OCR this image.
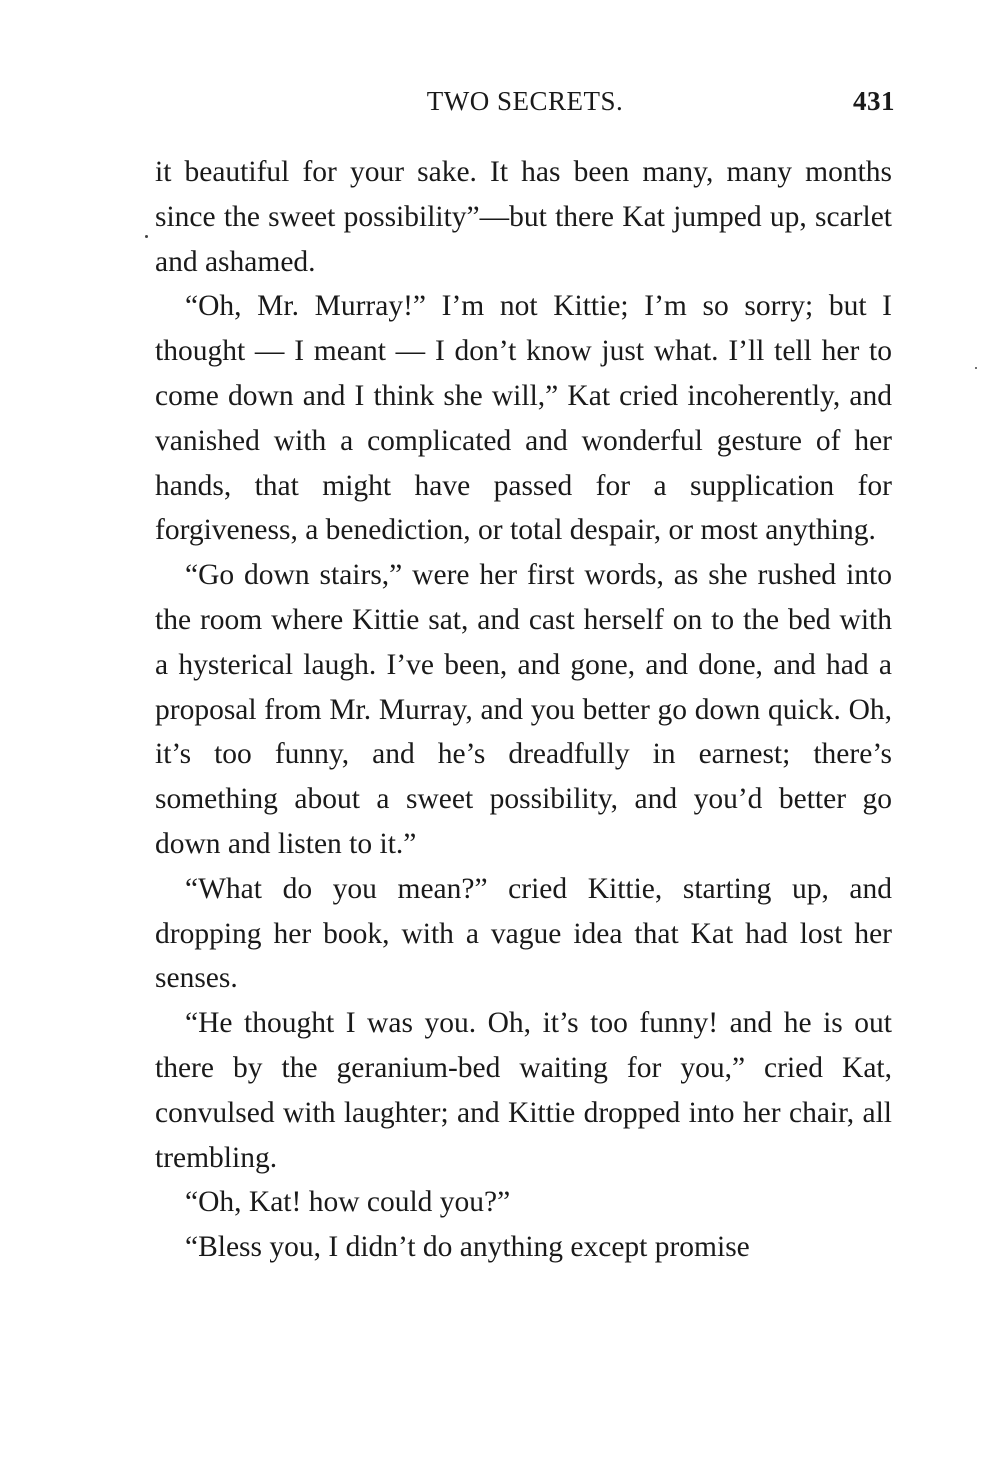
TWO SECRETS.	431

it beautiful for your sake. It has been many, many months since the sweet possibility”—but there Kat jumped up, scarlet and ashamed.

“Oh, Mr. Murray!” I’m not Kittie; I’m so sorry; but I thought — I meant — I don’t know just what. I’ll tell her to come down and I think she will,” Kat cried incoherently, and vanished with a complicated and wonderful gesture of her hands, that might have passed for a supplication for forgiveness, a benediction, or total despair, or most anything.

“Go down stairs,” were her first words, as she rushed into the room where Kittie sat, and cast herself on to the bed with a hysterical laugh. I’ve been, and gone, and done, and had a proposal from Mr. Murray, and you better go down quick. Oh, it’s too funny, and he’s dreadfully in earnest; there’s something about a sweet possibility, and you’d better go down and listen to it.”

“What do you mean?” cried Kittie, starting up, and dropping her book, with a vague idea that Kat had lost her senses.

“He thought I was you. Oh, it’s too funny! and he is out there by the geranium-bed waiting for you,” cried Kat, convulsed with laughter; and Kittie dropped into her chair, all trembling.

“Oh, Kat! how could you?”

“Bless you, I didn’t do anything except promise
